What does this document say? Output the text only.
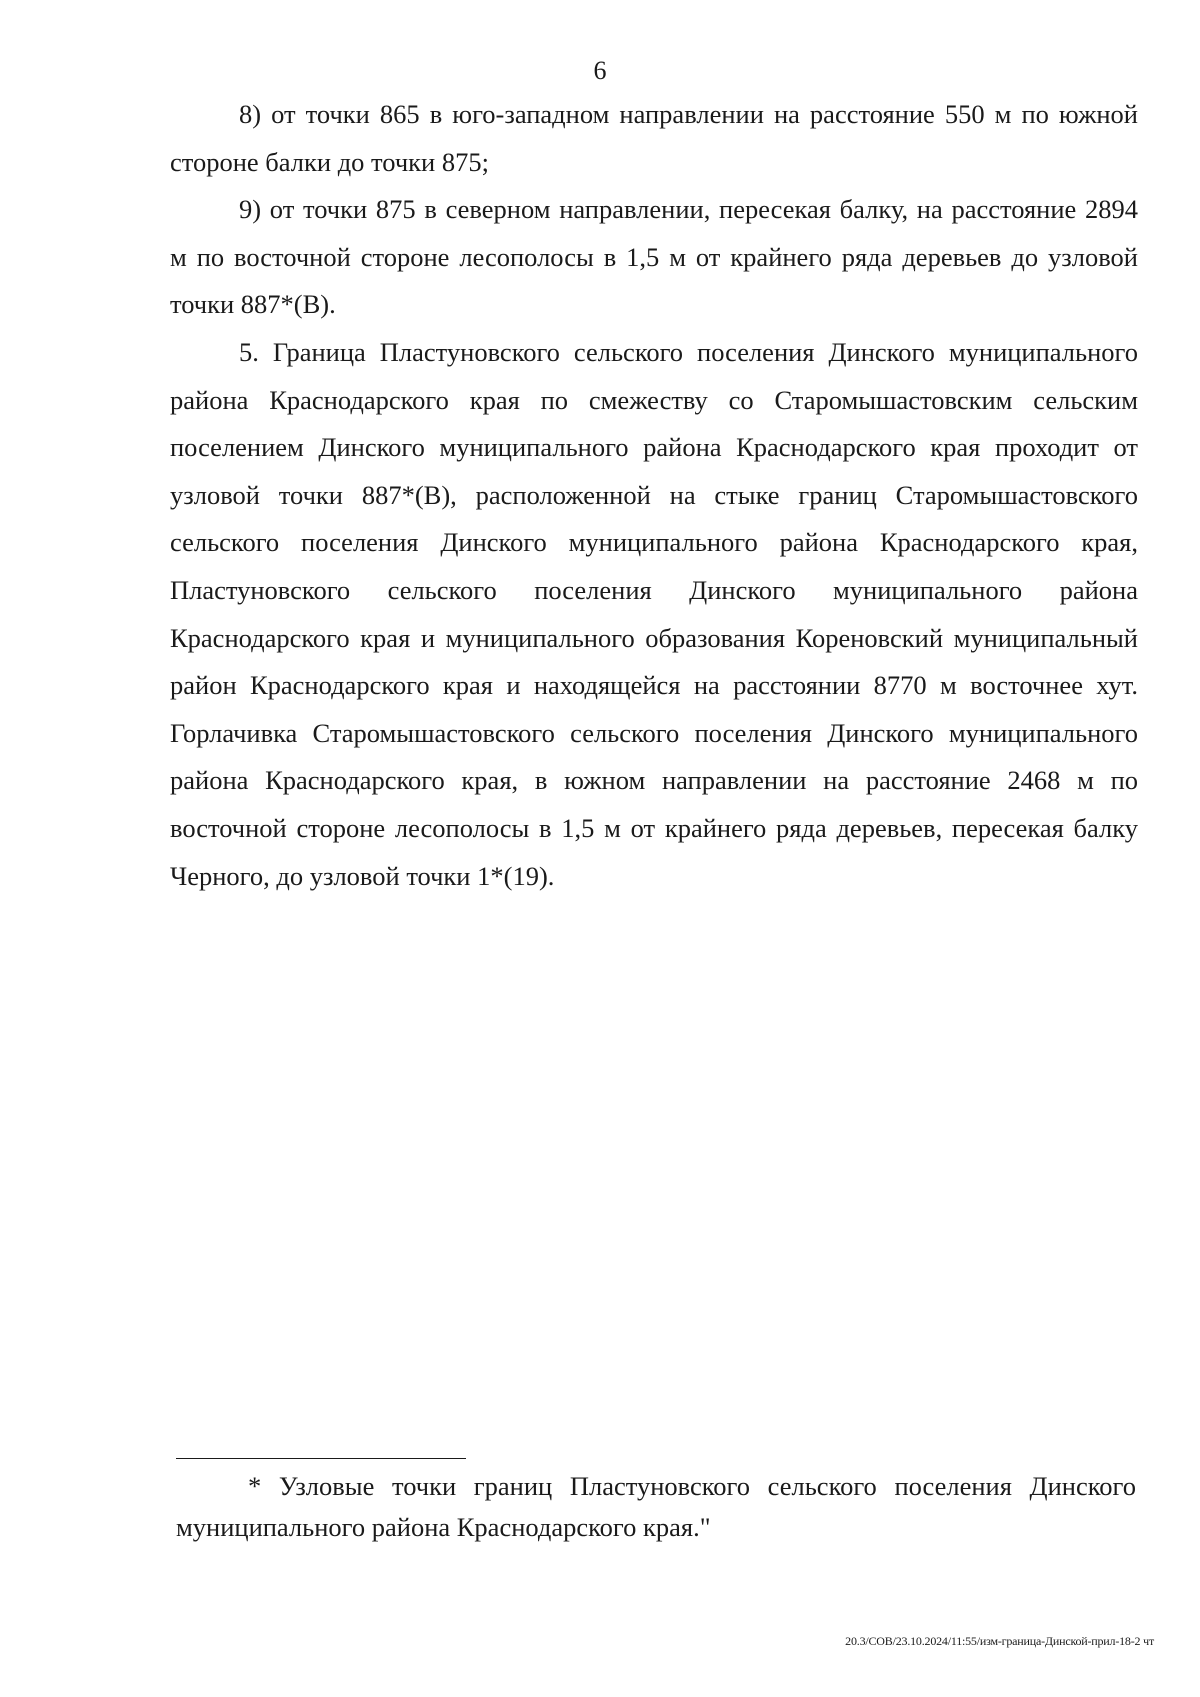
6

8) от точки 865 в юго-западном направлении на расстояние 550 м по южной стороне балки до точки 875;

9) от точки 875 в северном направлении, пересекая балку, на расстояние 2894 м по восточной стороне лесополосы в 1,5 м от крайнего ряда деревьев до узловой точки 887*(В).

5. Граница Пластуновского сельского поселения Динского муниципального района Краснодарского края по смежеству со Старомышастовским сельским поселением Динского муниципального района Краснодарского края проходит от узловой точки 887*(В), расположенной на стыке границ Старомышастовского сельского поселения Динского муниципального района Краснодарского края, Пластуновского сельского поселения Динского муниципального района Краснодарского края и муниципального образования Кореновский муниципальный район Краснодарского края и находящейся на расстоянии 8770 м восточнее хут. Горлачивка Старомышастовского сельского поселения Динского муниципального района Краснодарского края, в южном направлении на расстояние 2468 м по восточной стороне лесополосы в 1,5 м от крайнего ряда деревьев, пересекая балку Черного, до узловой точки 1*(19).

* Узловые точки границ Пластуновского сельского поселения Динского муниципального района Краснодарского края."

20.3/СОВ/23.10.2024/11:55/изм-граница-Динской-прил-18-2 чт
